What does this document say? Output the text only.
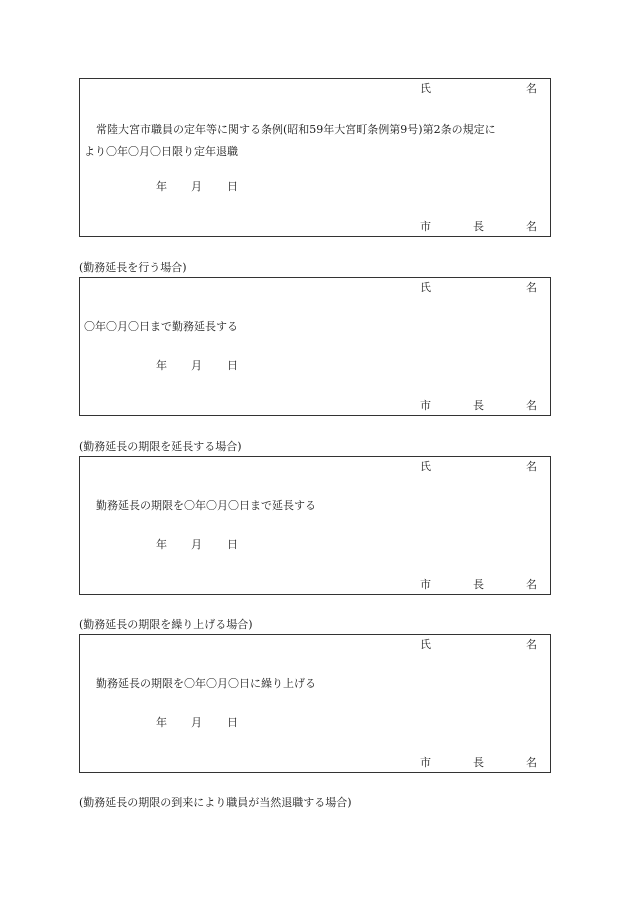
氏	名
常陸大宮市職員の定年等に関する条例(昭和59年大宮町条例第9号)第2条の規定に
より〇年〇月〇日限り定年退職
年 月 日
市	長	名
(勤務延長を行う場合)
氏	名
〇年〇月〇日まで勤務延長する
年 月 日
市	長	名
(勤務延長の期限を延長する場合)
氏	名
勤務延長の期限を〇年〇月〇日まで延長する
年 月 日
市	長	名
(勤務延長の期限を繰り上げる場合)
氏	名
勤務延長の期限を〇年〇月〇日に繰り上げる
年 月 日
市	長	名
(勤務延長の期限の到来により職員が当然退職する場合)
